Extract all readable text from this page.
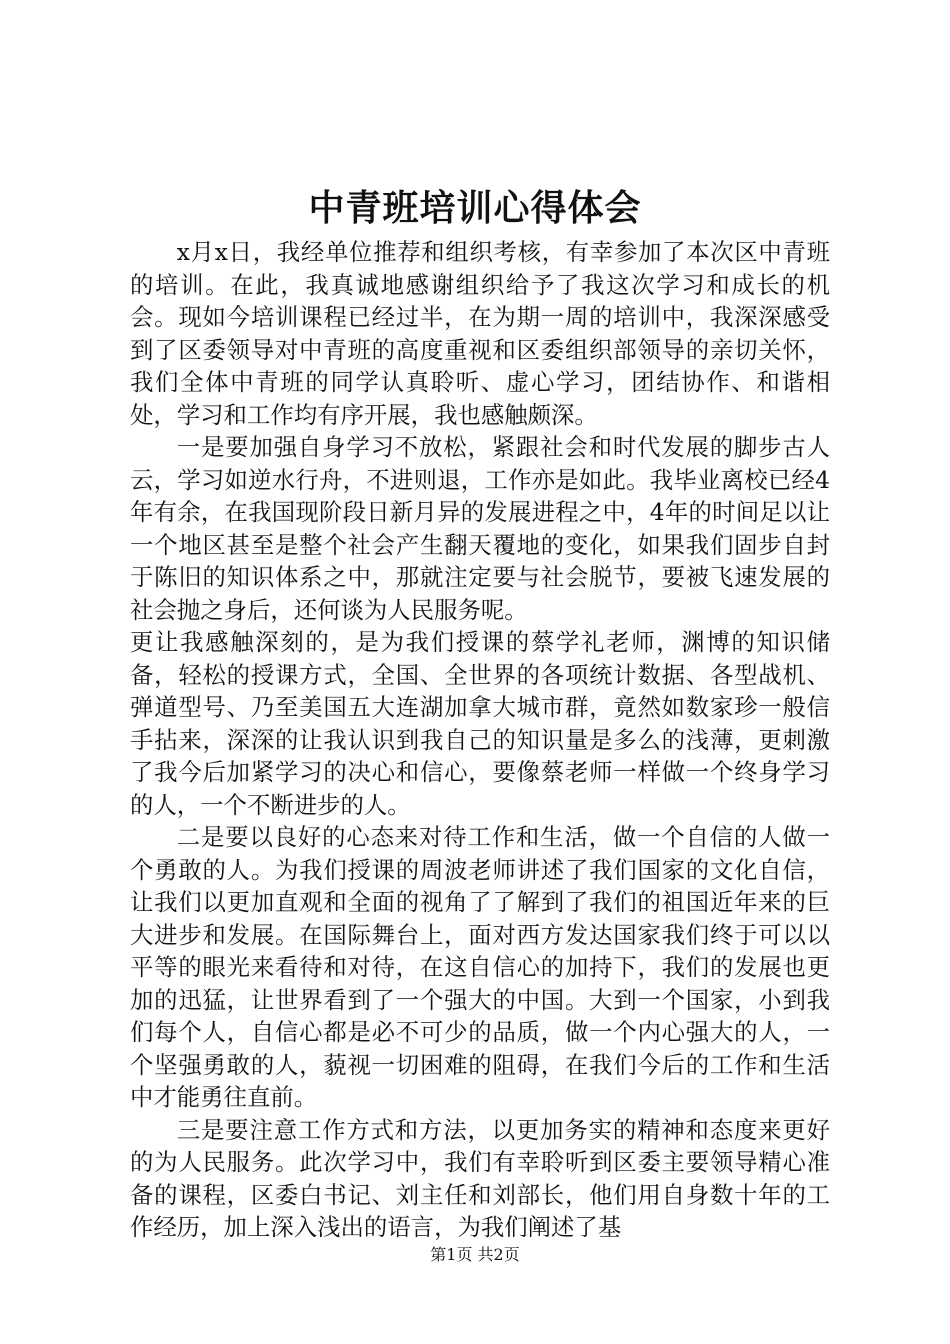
中青班培训心得体会

x月x日，我经单位推荐和组织考核，有幸参加了本次区中青班的培训。在此，我真诚地感谢组织给予了我这次学习和成长的机会。现如今培训课程已经过半，在为期一周的培训中，我深深感受到了区委领导对中青班的高度重视和区委组织部领导的亲切关怀，我们全体中青班的同学认真聆听、虚心学习，团结协作、和谐相处，学习和工作均有序开展，我也感触颇深。

一是要加强自身学习不放松，紧跟社会和时代发展的脚步古人云，学习如逆水行舟，不进则退，工作亦是如此。我毕业离校已经4年有余，在我国现阶段日新月异的发展进程之中，4年的时间足以让一个地区甚至是整个社会产生翻天覆地的变化，如果我们固步自封于陈旧的知识体系之中，那就注定要与社会脱节，要被飞速发展的社会抛之身后，还何谈为人民服务呢。

更让我感触深刻的，是为我们授课的蔡学礼老师，渊博的知识储备，轻松的授课方式，全国、全世界的各项统计数据、各型战机、弹道型号、乃至美国五大连湖加拿大城市群，竟然如数家珍一般信手拈来，深深的让我认识到我自己的知识量是多么的浅薄，更刺激了我今后加紧学习的决心和信心，要像蔡老师一样做一个终身学习的人，一个不断进步的人。

二是要以良好的心态来对待工作和生活，做一个自信的人做一个勇敢的人。为我们授课的周波老师讲述了我们国家的文化自信，让我们以更加直观和全面的视角了了解到了我们的祖国近年来的巨大进步和发展。在国际舞台上，面对西方发达国家我们终于可以以平等的眼光来看待和对待，在这自信心的加持下，我们的发展也更加的迅猛，让世界看到了一个强大的中国。大到一个国家，小到我们每个人，自信心都是必不可少的品质，做一个内心强大的人，一个坚强勇敢的人，藐视一切困难的阻碍，在我们今后的工作和生活中才能勇往直前。

三是要注意工作方式和方法，以更加务实的精神和态度来更好的为人民服务。此次学习中，我们有幸聆听到区委主要领导精心准备的课程，区委白书记、刘主任和刘部长，他们用自身数十年的工作经历，加上深入浅出的语言，为我们阐述了基

第1页 共2页
